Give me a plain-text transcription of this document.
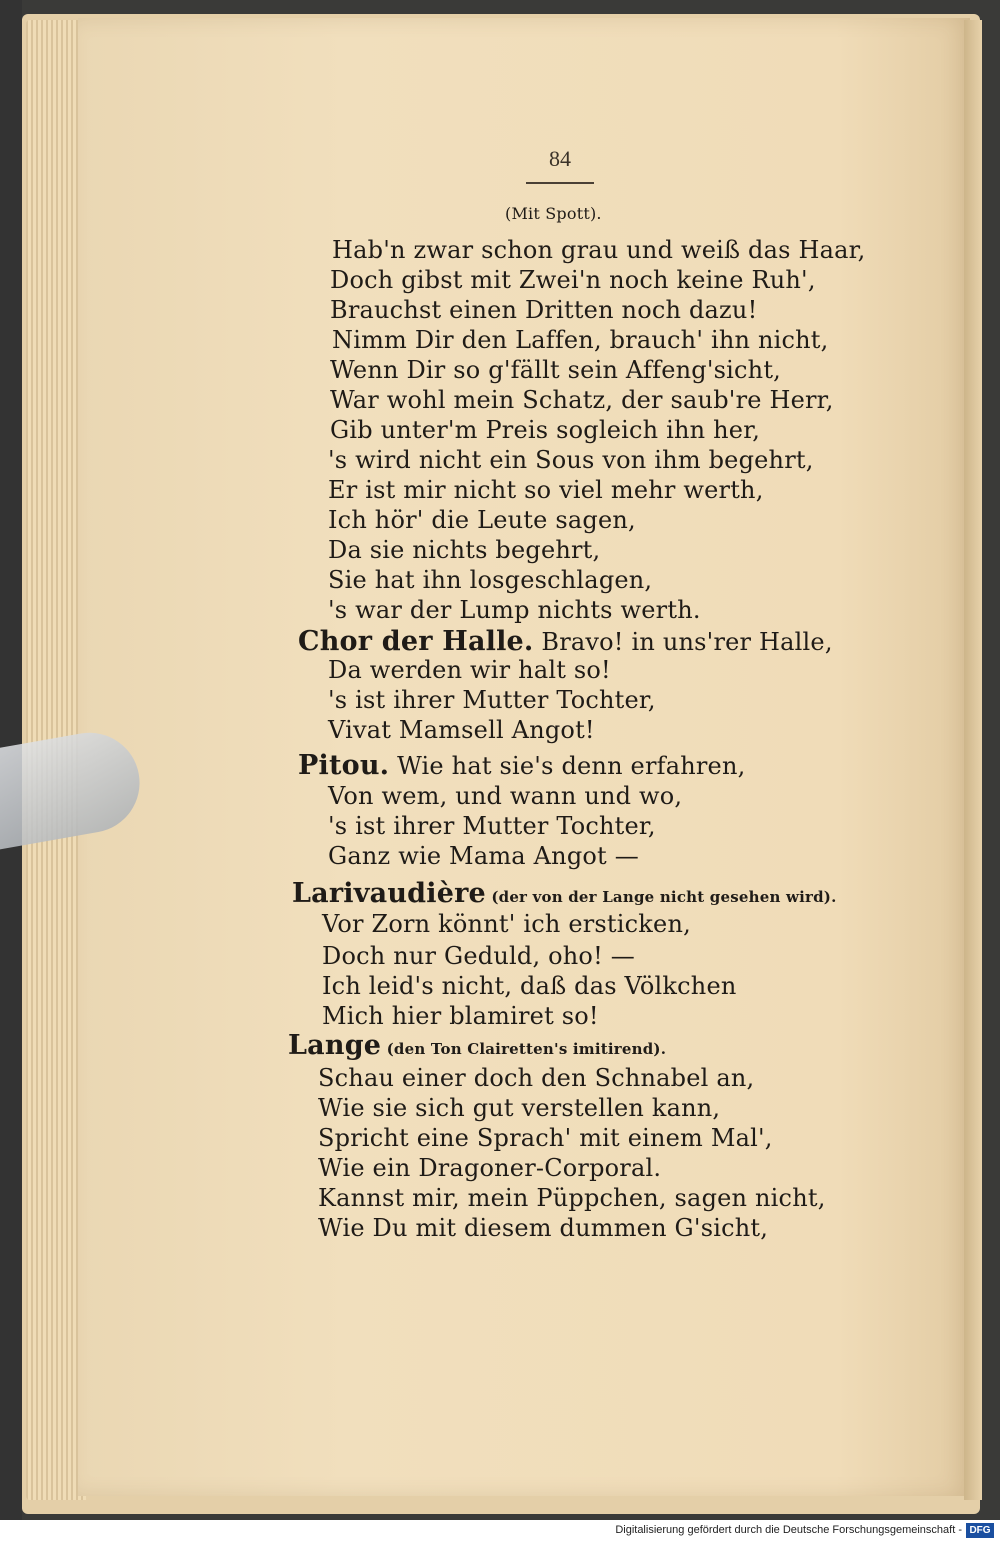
84
(Mit Spott).
Hab'n zwar schon grau und weiß das Haar,
Doch gibst mit Zwei'n noch keine Ruh',
Brauchst einen Dritten noch dazu!
Nimm Dir den Laffen, brauch' ihn nicht,
Wenn Dir so g'fällt sein Affeng'sicht,
War wohl mein Schatz, der saub're Herr,
Gib unter'm Preis sogleich ihn her,
's wird nicht ein Sous von ihm begehrt,
Er ist mir nicht so viel mehr werth,
Ich hör' die Leute sagen,
Da sie nichts begehrt,
Sie hat ihn losgeschlagen,
's war der Lump nichts werth.
Chor der Halle. Bravo! in uns'rer Halle,
Da werden wir halt so!
's ist ihrer Mutter Tochter,
Vivat Mamsell Angot!
Pitou. Wie hat sie's denn erfahren,
Von wem, und wann und wo,
's ist ihrer Mutter Tochter,
Ganz wie Mama Angot —
Larivaudière (der von der Lange nicht gesehen wird).
Vor Zorn könnt' ich ersticken,
Doch nur Geduld, oho! —
Ich leid's nicht, daß das Völkchen
Mich hier blamiret so!
Lange (den Ton Clairetten's imitirend).
Schau einer doch den Schnabel an,
Wie sie sich gut verstellen kann,
Spricht eine Sprach' mit einem Mal',
Wie ein Dragoner-Corporal.
Kannst mir, mein Püppchen, sagen nicht,
Wie Du mit diesem dummen G'sicht,
Digitalisierung gefördert durch die Deutsche Forschungsgemeinschaft - DFG
